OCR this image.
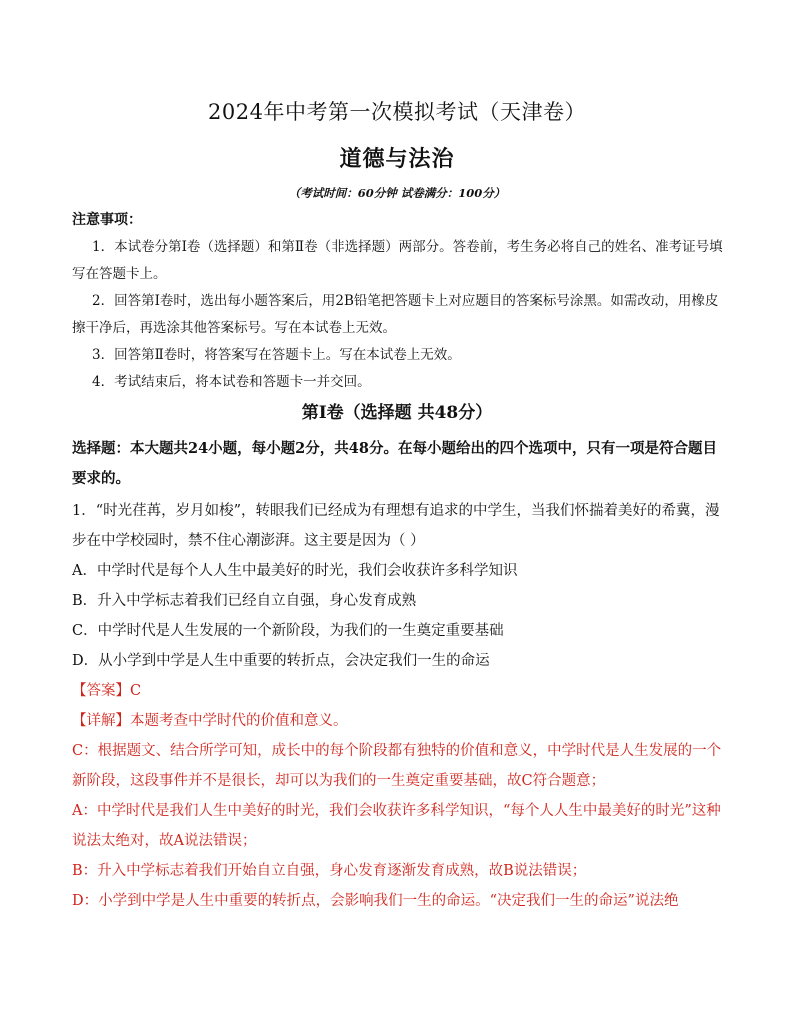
2024年中考第一次模拟考试（天津卷）
道德与法治
（考试时间：60分钟 试卷满分：100分）
注意事项：

1．本试卷分第Ⅰ卷（选择题）和第Ⅱ卷（非选择题）两部分。答卷前，考生务必将自己的姓名、准考证号填写在答题卡上。

2．回答第Ⅰ卷时，选出每小题答案后，用2B铅笔把答题卡上对应题目的答案标号涂黑。如需改动，用橡皮擦干净后，再选涂其他答案标号。写在本试卷上无效。

3．回答第Ⅱ卷时，将答案写在答题卡上。写在本试卷上无效。

4．考试结束后，将本试卷和答题卡一并交回。

第Ⅰ卷（选择题 共48分）

选择题：本大题共24小题，每小题2分，共48分。在每小题给出的四个选项中，只有一项是符合题目要求的。

1．“时光荏苒，岁月如梭”，转眼我们已经成为有理想有追求的中学生，当我们怀揣着美好的希冀，漫步在中学校园时，禁不住心潮澎湃。这主要是因为（ ）

A．中学时代是每个人人生中最美好的时光，我们会收获许多科学知识

B．升入中学标志着我们已经自立自强，身心发育成熟

C．中学时代是人生发展的一个新阶段，为我们的一生奠定重要基础

D．从小学到中学是人生中重要的转折点，会决定我们一生的命运

【答案】C

【详解】本题考查中学时代的价值和意义。

C：根据题文、结合所学可知，成长中的每个阶段都有独特的价值和意义，中学时代是人生发展的一个新阶段，这段事件并不是很长，却可以为我们的一生奠定重要基础，故C符合题意；

A：中学时代是我们人生中美好的时光，我们会收获许多科学知识，“每个人人生中最美好的时光”这种说法太绝对，故A说法错误；

B：升入中学标志着我们开始自立自强，身心发育逐渐发育成熟，故B说法错误；

D：小学到中学是人生中重要的转折点，会影响我们一生的命运。“决定我们一生的命运”说法绝
